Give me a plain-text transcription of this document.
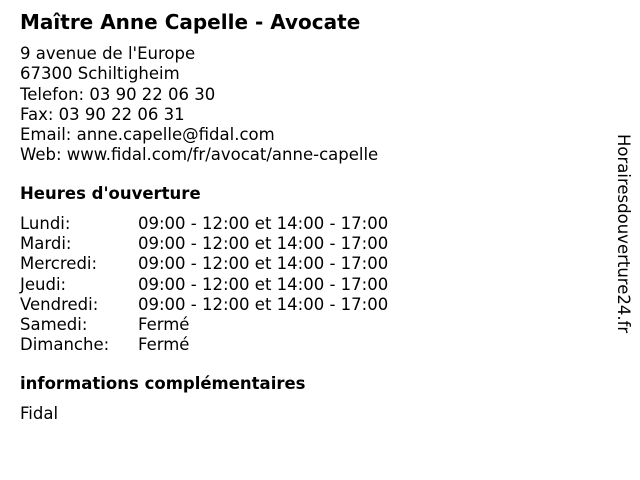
Maître Anne Capelle - Avocate
9 avenue de l'Europe
67300 Schiltigheim
Telefon: 03 90 22 06 30
Fax: 03 90 22 06 31
Email: anne.capelle@fidal.com
Web: www.fidal.com/fr/avocat/anne-capelle
Heures d'ouverture
Lundi:	09:00 - 12:00 et 14:00 - 17:00
Mardi:	09:00 - 12:00 et 14:00 - 17:00
Mercredi: 09:00 - 12:00 et 14:00 - 17:00
Jeudi:	09:00 - 12:00 et 14:00 - 17:00
Vendredi: 09:00 - 12:00 et 14:00 - 17:00
Samedi:	Fermé
Dimanche: Fermé
informations complémentaires
Fidal
Horairesdouverture24.fr
